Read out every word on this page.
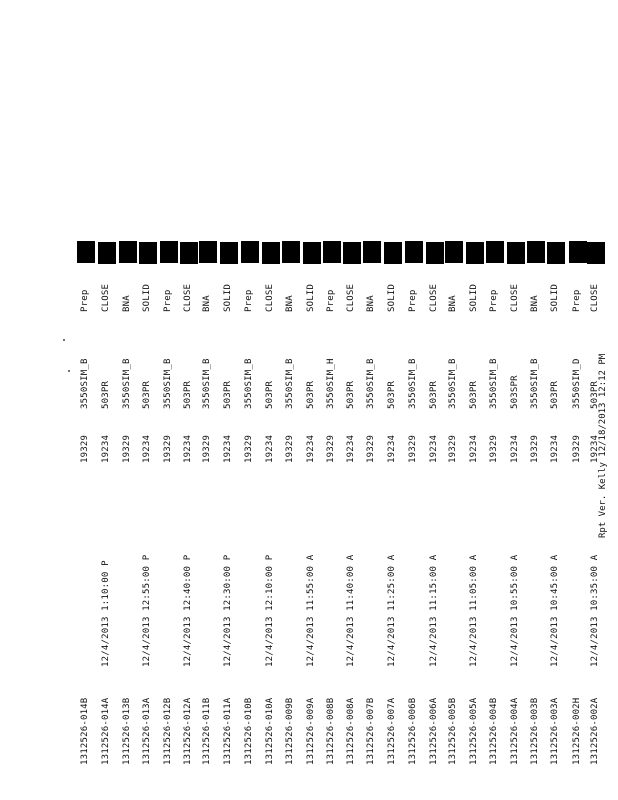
1312526-002A
12/4/2013 10:35:00 A
19234
503PR
CLOSE
1312526-002H
19329
3550SIM_D
Prep
1312526-003A
12/4/2013 10:45:00 A
19234
503PR
SOLID
1312526-003B
19329
3550SIM_B
BNA
1312526-004A
12/4/2013 10:55:00 A
19234
503SPR
CLOSE
1312526-004B
19329
3550SIM_B
Prep
1312526-005A
12/4/2013 11:05:00 A
19234
503PR
SOLID
1312526-005B
19329
3550SIM_B
BNA
1312526-006A
12/4/2013 11:15:00 A
19234
503PR
CLOSE
1312526-006B
19329
3550SIM_B
Prep
1312526-007A
12/4/2013 11:25:00 A
19234
503PR
SOLID
1312526-007B
19329
3550SIM_B
BNA
1312526-008A
12/4/2013 11:40:00 A
19234
503PR
CLOSE
1312526-008B
19329
3550SIM_H
Prep
1312526-009A
12/4/2013 11:55:00 A
19234
503PR
SOLID
1312526-009B
19329
3550SIM_B
BNA
1312526-010A
12/4/2013 12:10:00 P
19234
503PR
CLOSE
1312526-010B
19329
3550SIM_B
Prep
1312526-011A
12/4/2013 12:30:00 P
19234
503PR
SOLID
1312526-011B
19329
3550SIM_B
BNA
1312526-012A
12/4/2013 12:40:00 P
19234
503PR
CLOSE
1312526-012B
19329
3550SIM_B
Prep
1312526-013A
12/4/2013 12:55:00 P
19234
503PR
SOLID
1312526-013B
19329
3550SIM_B
BNA
1312526-014A
12/4/2013 1:10:00 P
19234
503PR
CLOSE
1312526-014B
19329
3550SIM_B
Prep
Rpt Ver. Kelly 12/18/2013 12:12 PM
